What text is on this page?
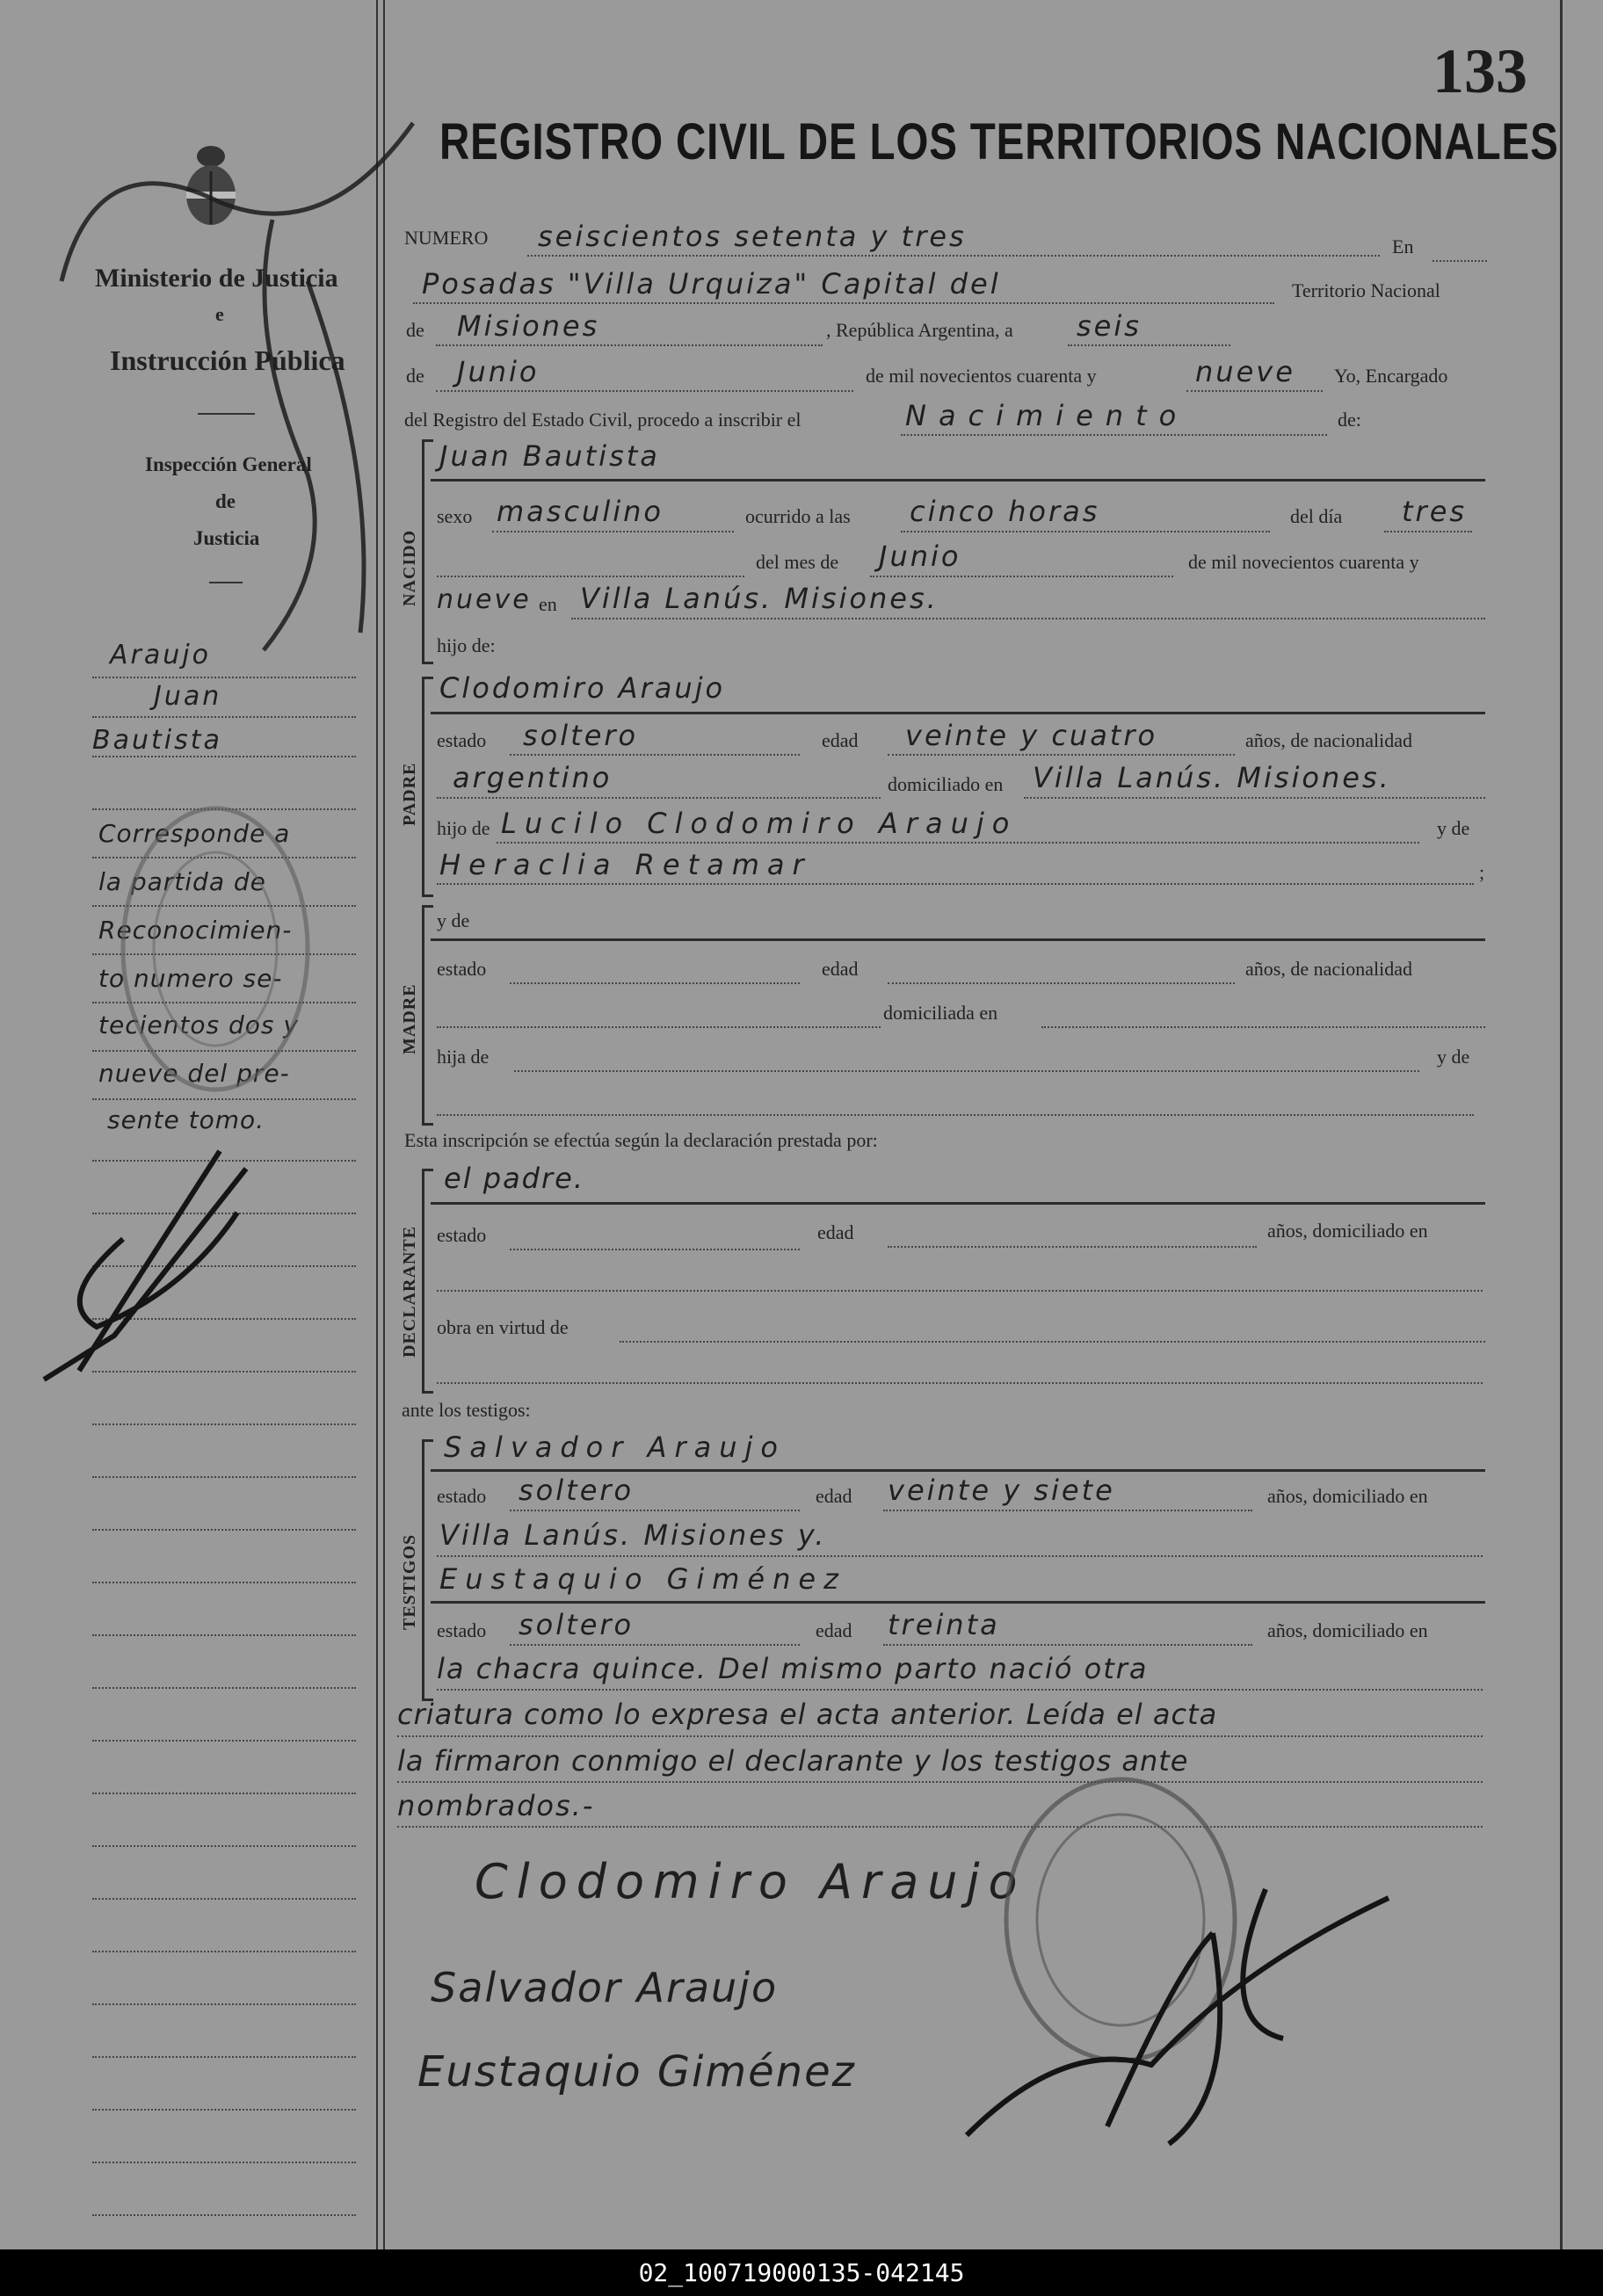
133
Ministerio de Justicia
e
Instrucción Pública
Inspección General
de
Justicia
Araujo
Juan
Bautista
Corresponde a
la partida de
Reconocimien-
to numero se-
tecientos dos y
nueve del pre-
sente tomo.
REGISTRO CIVIL DE LOS TERRITORIOS NACIONALES
NUMERO seiscientos setenta y tres	En
Posadas "Villa Urquiza" Capital del	Territorio Nacional
de Misiones	, República Argentina, a seis
de Junio	de mil novecientos cuarenta y	nueve Yo, Encargado
del Registro del Estado Civil, procedo a inscribir el	Nacimiento	de:
NACIDO
Juan Bautista
sexo masculino	ocurrido a las cinco horas	del día tres
del mes de Junio	de mil novecientos cuarenta y
nueve en Villa Lanús. Misiones.
hijo de:
PADRE
Clodomiro Araujo
estado soltero	edad veinte y cuatro	años, de nacionalidad
argentino	domiciliado en Villa Lanús. Misiones.
hijo de Lucilo Clodomiro Araujo	y de
Heraclia Retamar	;
MADRE
y de
estado	edad	años, de nacionalidad
domiciliada en
hija de	y de
Esta inscripción se efectúa según la declaración prestada por:
DECLARANTE
el padre.
estado	edad	años, domiciliado en
obra en virtud de
ante los testigos:
TESTIGOS
Salvador Araujo
estado soltero	edad veinte y siete	años, domiciliado en
Villa Lanús. Misiones y.
Eustaquio Giménez
estado soltero	edad treinta	años, domiciliado en
la chacra quince. Del mismo parto nació otra
criatura como lo expresa el acta anterior. Leída el acta
la firmaron conmigo el declarante y los testigos ante
nombrados.-
Clodomiro Araujo
Salvador Araujo
Eustaquio Giménez
02_100719000135-042145
